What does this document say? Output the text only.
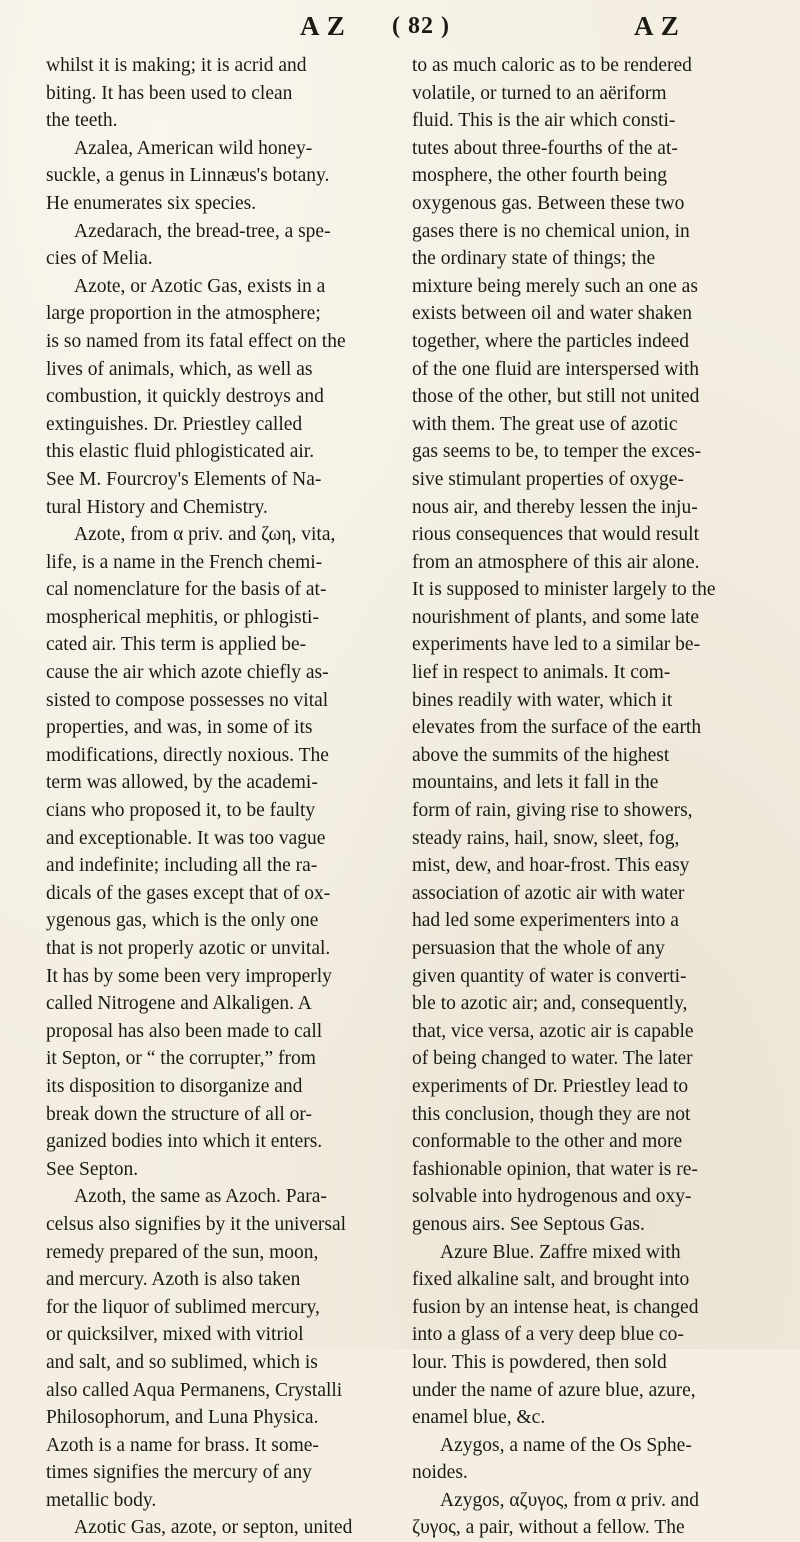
A Z ( 82 )	A Z
whilst it is making; it is acrid and
biting. It has been used to clean
the teeth.
Azalea, American wild honey-
suckle, a genus in Linnæus's botany.
He enumerates six species.
Azedarach, the bread-tree, a spe-
cies of Melia.
Azote, or Azotic Gas, exists in a
large proportion in the atmosphere;
is so named from its fatal effect on the
lives of animals, which, as well as
combustion, it quickly destroys and
extinguishes. Dr. Priestley called
this elastic fluid phlogisticated air.
See M. Fourcroy's Elements of Na-
tural History and Chemistry.
Azote, from α priv. and ζωη, vita,
life, is a name in the French chemi-
cal nomenclature for the basis of at-
mospherical mephitis, or phlogisti-
cated air. This term is applied be-
cause the air which azote chiefly as-
sisted to compose possesses no vital
properties, and was, in some of its
modifications, directly noxious. The
term was allowed, by the academi-
cians who proposed it, to be faulty
and exceptionable. It was too vague
and indefinite; including all the ra-
dicals of the gases except that of ox-
ygenous gas, which is the only one
that is not properly azotic or unvital.
It has by some been very improperly
called Nitrogene and Alkaligen. A
proposal has also been made to call
it Septon, or “ the corrupter,” from
its disposition to disorganize and
break down the structure of all or-
ganized bodies into which it enters.
See Septon.
Azoth, the same as Azoch. Para-
celsus also signifies by it the universal
remedy prepared of the sun, moon,
and mercury. Azoth is also taken
for the liquor of sublimed mercury,
or quicksilver, mixed with vitriol
and salt, and so sublimed, which is
also called Aqua Permanens, Crystalli
Philosophorum, and Luna Physica.
Azoth is a name for brass. It some-
times signifies the mercury of any
metallic body.
Azotic Gas, azote, or septon, united
to as much caloric as to be rendered
volatile, or turned to an aëriform
fluid. This is the air which consti-
tutes about three-fourths of the at-
mosphere, the other fourth being
oxygenous gas. Between these two
gases there is no chemical union, in
the ordinary state of things; the
mixture being merely such an one as
exists between oil and water shaken
together, where the particles indeed
of the one fluid are interspersed with
those of the other, but still not united
with them. The great use of azotic
gas seems to be, to temper the exces-
sive stimulant properties of oxyge-
nous air, and thereby lessen the inju-
rious consequences that would result
from an atmosphere of this air alone.
It is supposed to minister largely to the
nourishment of plants, and some late
experiments have led to a similar be-
lief in respect to animals. It com-
bines readily with water, which it
elevates from the surface of the earth
above the summits of the highest
mountains, and lets it fall in the
form of rain, giving rise to showers,
steady rains, hail, snow, sleet, fog,
mist, dew, and hoar-frost. This easy
association of azotic air with water
had led some experimenters into a
persuasion that the whole of any
given quantity of water is converti-
ble to azotic air; and, consequently,
that, vice versa, azotic air is capable
of being changed to water. The later
experiments of Dr. Priestley lead to
this conclusion, though they are not
conformable to the other and more
fashionable opinion, that water is re-
solvable into hydrogenous and oxy-
genous airs. See Septous Gas.
Azure Blue. Zaffre mixed with
fixed alkaline salt, and brought into
fusion by an intense heat, is changed
into a glass of a very deep blue co-
lour. This is powdered, then sold
under the name of azure blue, azure,
enamel blue, &c.
Azygos, a name of the Os Sphe-
noides.
Azygos, αζυγος, from α priv. and
ζυγος, a pair, without a fellow. The
